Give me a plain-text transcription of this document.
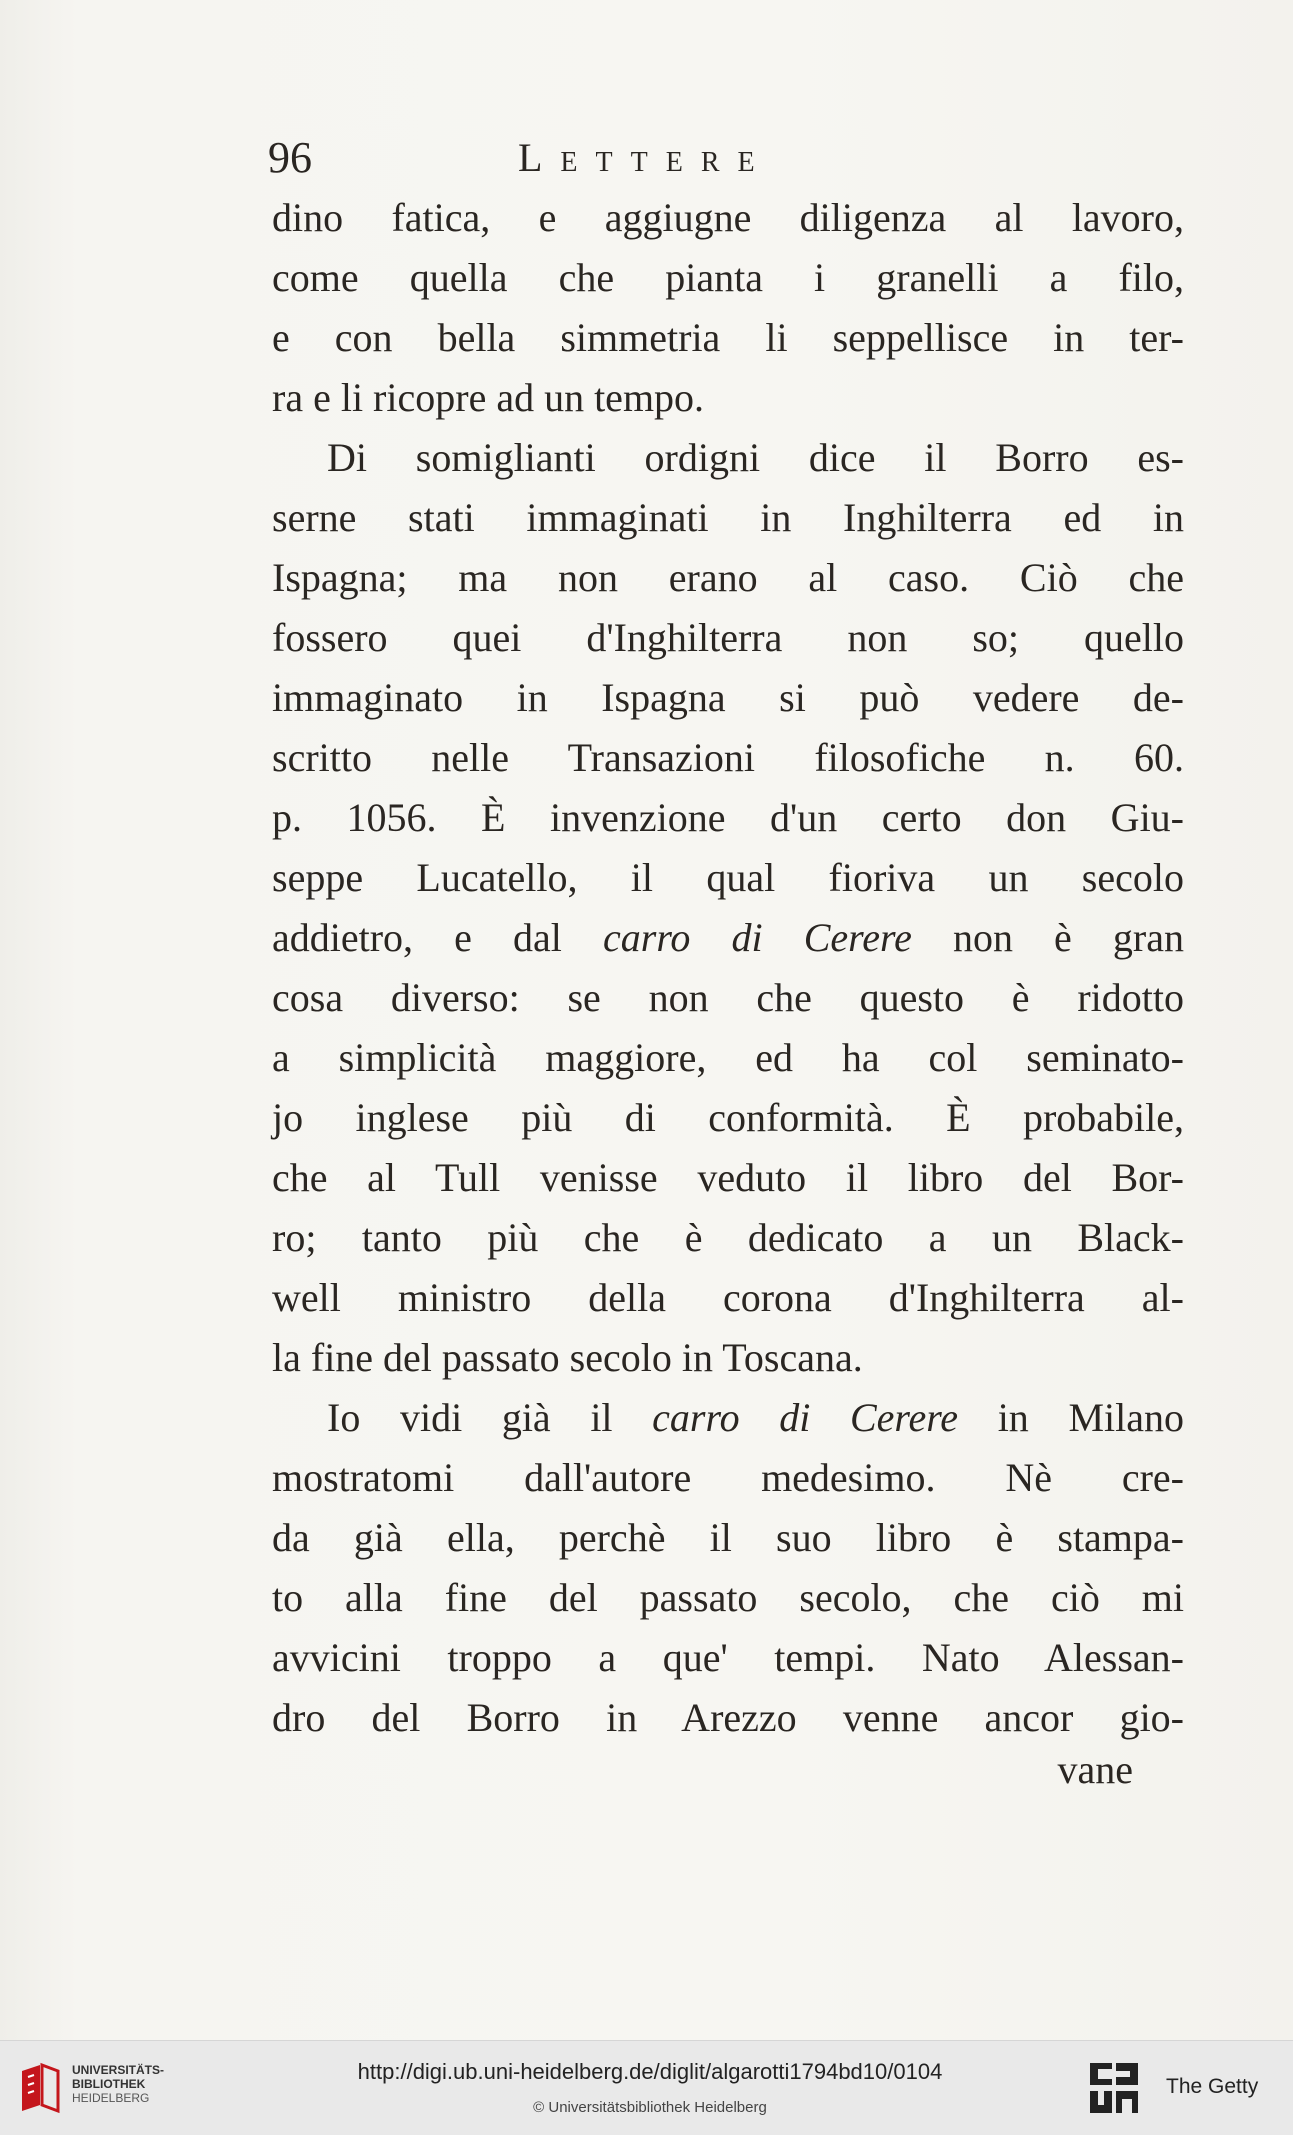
96	Lettere
dino fatica, e aggiugne diligenza al lavoro,
come quella che pianta i granelli a filo,
e con bella simmetria li seppellisce in ter-
ra e li ricopre ad un tempo.
Di somiglianti ordigni dice il Borro es-
serne stati immaginati in Inghilterra ed in
Ispagna; ma non erano al caso. Ciò che
fossero quei d'Inghilterra non so; quello
immaginato in Ispagna si può vedere de-
scritto nelle Transazioni filosofiche n. 60.
p. 1056. È invenzione d'un certo don Giu-
seppe Lucatello, il qual fioriva un secolo
addietro, e dal carro di Cerere non è gran
cosa diverso: se non che questo è ridotto
a simplicità maggiore, ed ha col seminato-
jo inglese più di conformità. È probabile,
che al Tull venisse veduto il libro del Bor-
ro; tanto più che è dedicato a un Black-
well ministro della corona d'Inghilterra al-
la fine del passato secolo in Toscana.
Io vidi già il carro di Cerere in Milano
mostratomi dall'autore medesimo. Nè cre-
da già ella, perchè il suo libro è stampa-
to alla fine del passato secolo, che ciò mi
avvicini troppo a que' tempi. Nato Alessan-
dro del Borro in Arezzo venne ancor gio-
vane
UNIVERSITÄTS-
BIBLIOTHEK
HEIDELBERG
http://digi.ub.uni-heidelberg.de/diglit/algarotti1794bd10/0104
© Universitätsbibliothek Heidelberg
The Getty
